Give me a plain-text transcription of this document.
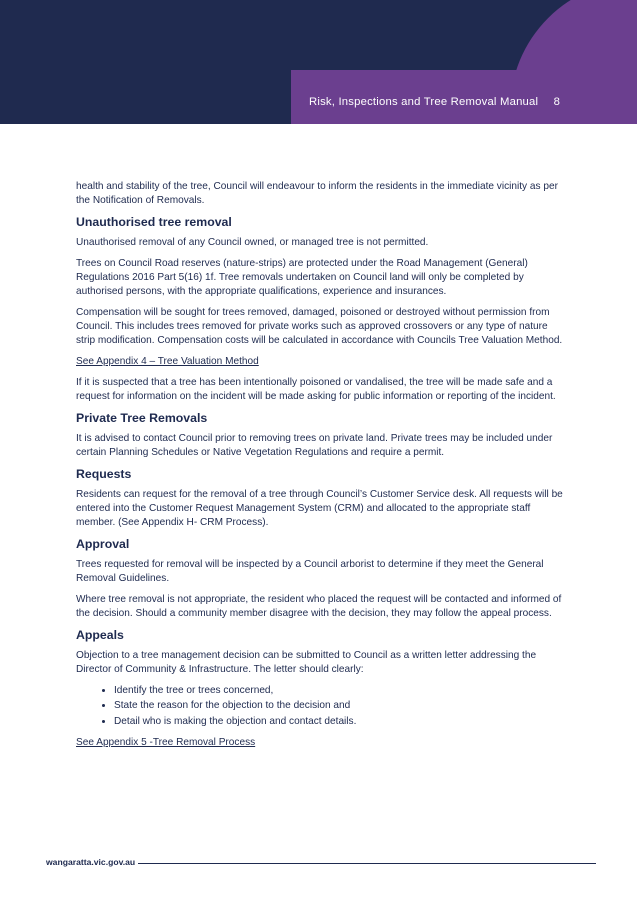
Risk, Inspections and Tree Removal Manual 8

health and stability of the tree, Council will endeavour to inform the residents in the immediate vicinity as per the Notification of Removals.

Unauthorised tree removal

Unauthorised removal of any Council owned, or managed tree is not permitted.

Trees on Council Road reserves (nature-strips) are protected under the Road Management (General) Regulations 2016 Part 5(16) 1f. Tree removals undertaken on Council land will only be completed by authorised persons, with the appropriate qualifications, experience and insurances.

Compensation will be sought for trees removed, damaged, poisoned or destroyed without permission from Council. This includes trees removed for private works such as approved crossovers or any type of nature strip modification. Compensation costs will be calculated in accordance with Councils Tree Valuation Method.

See Appendix 4 – Tree Valuation Method

If it is suspected that a tree has been intentionally poisoned or vandalised, the tree will be made safe and a request for information on the incident will be made asking for public information or reporting of the incident.

Private Tree Removals

It is advised to contact Council prior to removing trees on private land. Private trees may be included under certain Planning Schedules or Native Vegetation Regulations and require a permit.

Requests

Residents can request for the removal of a tree through Council’s Customer Service desk. All requests will be entered into the Customer Request Management System (CRM) and allocated to the appropriate staff member. (See Appendix H- CRM Process).

Approval

Trees requested for removal will be inspected by a Council arborist to determine if they meet the General Removal Guidelines.

Where tree removal is not appropriate, the resident who placed the request will be contacted and informed of the decision. Should a community member disagree with the decision, they may follow the appeal process.

Appeals

Objection to a tree management decision can be submitted to Council as a written letter addressing the Director of Community & Infrastructure. The letter should clearly:

• Identify the tree or trees concerned,
• State the reason for the objection to the decision and
• Detail who is making the objection and contact details.

See Appendix 5 -Tree Removal Process

wangaratta.vic.gov.au
